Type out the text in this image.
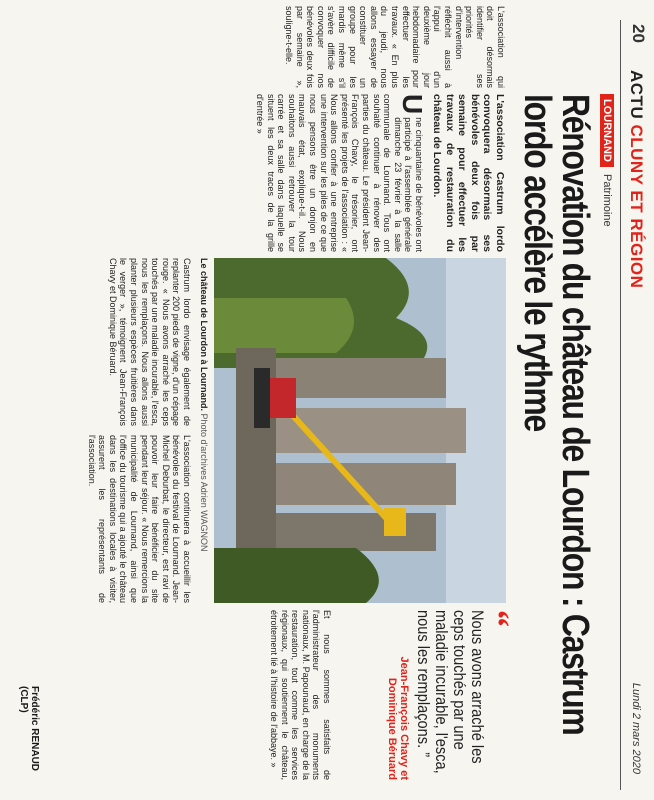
20
ACTU CLUNY ET RÉGION
Lundi 2 mars 2020
LOURNAND Patrimoine
Rénovation du château de Lourdon : Castrum lordo accélère le rythme
L'association Castrum lordo convoquera désormais ses bénévoles deux fois par semaine pour effectuer les travaux de restauration du château de Lourdon.
U
ne cinquantaine de bénévoles ont participé à l'assemblée générale dimanche 23 février à la salle communale de Lournand. Tous ont souhaité continuer à rénover des parties du château. Le président Jean-François Chavy, le trésorier, ont présenté les projets de l'association : « Nous allons confier à une entreprise une intervention sur les piles de ce que nous pensons être un donjon en mauvais état, explique-t-il. Nous souhaitons aussi retrouver la tour carrée et sa salle dans laquelle se situent les deux traces de la grille d'entrée »
L'association qui doit désormais identifier ses priorités d'intervention réfléchit aussi à l'appui d'un deuxième jour hebdomadaire pour effectuer les travaux. « En plus du jeudi, nous allons essayer de constituer un groupe pour les mardis même s'il s'avère difficile de convoquer nos bénévoles deux fois par semaine », souligne-t-elle.
Le château de Lourdon à Lournand. Photo d'archives Adrien WAGNON
Castrum lordo envisage également de replanter 200 pieds de vigne, d'un cépage rouge. « Nous avons arraché les ceps touchés par une maladie incurable, l'esca, nous les remplaçons. Nous allons aussi planter plusieurs espèces fruitières dans le verger », témoignent Jean-François Chavy et Dominique Béruard.
L'association continuera à accueillir les bénévoles du festival de Lournand. Jean-Michel Deburbat, le directeur, est ravi de pouvoir leur faire bénéficier du site pendant leur séjour. « Nous remercions la municipalité de Lournand, ainsi que l'office du tourisme qui a ajouté le château dans les destinations locales à visiter, assurent les représentants de l'association.
“
Nous avons arraché les ceps touchés par une maladie incurable, l'esca, nous les remplaçons. ”
Jean-François Chavy et Dominique Béruard
Et nous sommes satisfaits de l'administrateur des monuments nationaux, M. Papounaud, en charge de la restauration, tout comme les services régionaux, qui soutiennent le château, étroitement lié à l'histoire de l'abbaye. »
Frédéric RENAUD (CLP)
